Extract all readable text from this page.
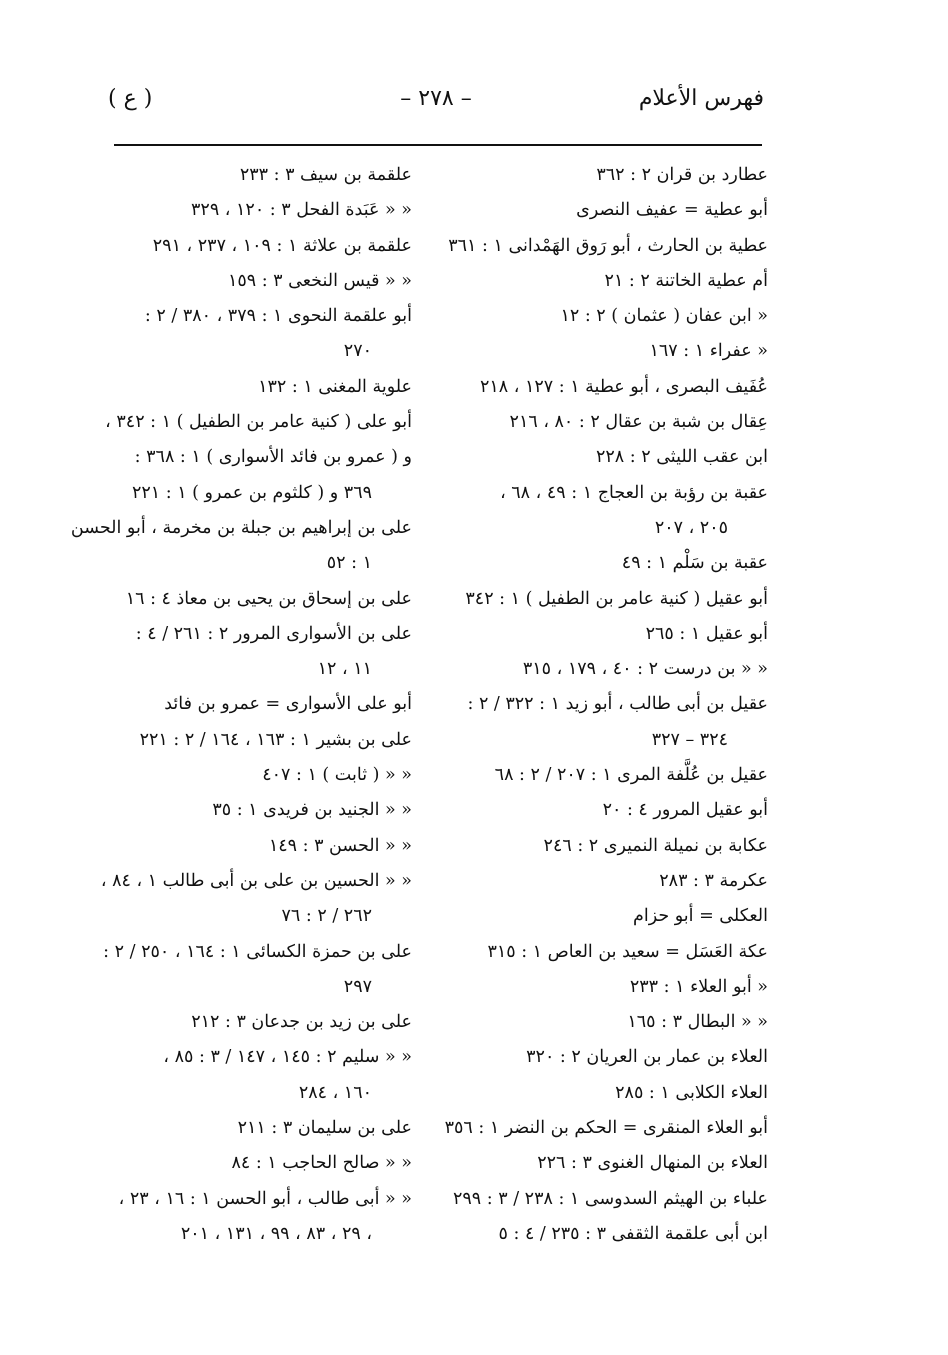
فهرس الأعلام
– ٢٧٨ –
( ع )
عطارد بن قران ٢ : ٣٦٢
أبو عطية = عفيف النصرى
عطية بن الحارث ، أبو رَوق الهَمْدانى ١ : ٣٦١
أم عطية الخاتنة ٢ : ٢١
« ابن عفان ( عثمان ) ٢ : ١٢
« عفراء ١ : ١٦٧
عُفَيف البصرى ، أبو عطية ١ : ١٢٧ ، ٢١٨
عِقال بن شبة بن عقال ٢ : ٨٠ ، ٢١٦
ابن عقب الليثى ٢ : ٢٢٨
عقبة بن رؤبة بن العجاج ١ : ٤٩ ، ٦٨ ،
٢٠٥ ، ٢٠٧
عقبة بن سَلْم ١ : ٤٩
أبو عقيل ( كنية عامر بن الطفيل ) ١ : ٣٤٢
أبو عقيل ١ : ٢٦٥
« « بن درست ٢ : ٤٠ ، ١٧٩ ، ٣١٥
عقيل بن أبى طالب ، أبو زيد ١ : ٣٢٢ / ٢ :
٣٢٤ – ٣٢٧
عقيل بن عُلَّفة المرى ١ : ٢٠٧ / ٢ : ٦٨
أبو عقيل المرور ٤ : ٢٠
عكابة بن نميلة النميرى ٢ : ٢٤٦
عكرمة ٣ : ٢٨٣
العكلى = أبو حزام
عكة العَسَل = سعيد بن العاص ١ : ٣١٥
« أبو العلاء ١ : ٢٣٣
« « البطال ٣ : ١٦٥
العلاء بن عمار بن العريان ٢ : ٣٢٠
العلاء الكلابى ١ : ٢٨٥
أبو العلاء المنقرى = الحكم بن النضر ١ : ٣٥٦
العلاء بن المنهال الغنوى ٣ : ٢٢٦
علباء بن الهيثم السدوسى ١ : ٢٣٨ / ٣ : ٢٩٩
ابن أبى علقمة الثقفى ٣ : ٢٣٥ / ٤ : ٥
علقمة بن سيف ٣ : ٢٣٣
« « عَبَدة الفحل ٣ : ١٢٠ ، ٣٢٩
علقمة بن علاثة ١ : ١٠٩ ، ٢٣٧ ، ٢٩١
« « قيس النخعى ٣ : ١٥٩
أبو علقمة النحوى ١ : ٣٧٩ ، ٣٨٠ / ٢ :
٢٧٠
علوية المغنى ١ : ١٣٢
أبو على ( كنية عامر بن الطفيل ) ١ : ٣٤٢ ،
و ( عمرو بن فائد الأسوارى ) ١ : ٣٦٨ :
٣٦٩ و ( كلثوم بن عمرو ) ١ : ٢٢١
على بن إبراهيم بن جبلة بن مخرمة ، أبو الحسن
١ : ٥٢
على بن إسحاق بن يحيى بن معاذ ٤ : ١٦
على بن الأسوارى المرور ٢ : ٢٦١ / ٤ :
١١ ، ١٢
أبو على الأسوارى = عمرو بن فائد
على بن بشير ١ : ١٦٣ ، ١٦٤ / ٢ : ٢٢١
« « ( ثابت ) ١ : ٤٠٧
« « الجنيد بن فريدى ١ : ٣٥
« « الحسن ٣ : ١٤٩
« « الحسين بن على بن أبى طالب ١ ، ٨٤ ،
٢٦٢ / ٢ : ٧٦
على بن حمزة الكسائى ١ : ١٦٤ ، ٢٥٠ / ٢ :
٢٩٧
على بن زيد بن جدعان ٣ : ٢١٢
« « سليم ٢ : ١٤٥ ، ١٤٧ / ٣ : ٨٥ ،
١٦٠ ، ٢٨٤
على بن سليمان ٣ : ٢١١
« « صالح الحاجب ١ : ٨٤
« « أبى طالب ، أبو الحسن ١ : ١٦ ، ٢٣ ،
٢٩ ، ٨٣ ، ٩٩ ، ١٣١ ، ٢٠١ ،
